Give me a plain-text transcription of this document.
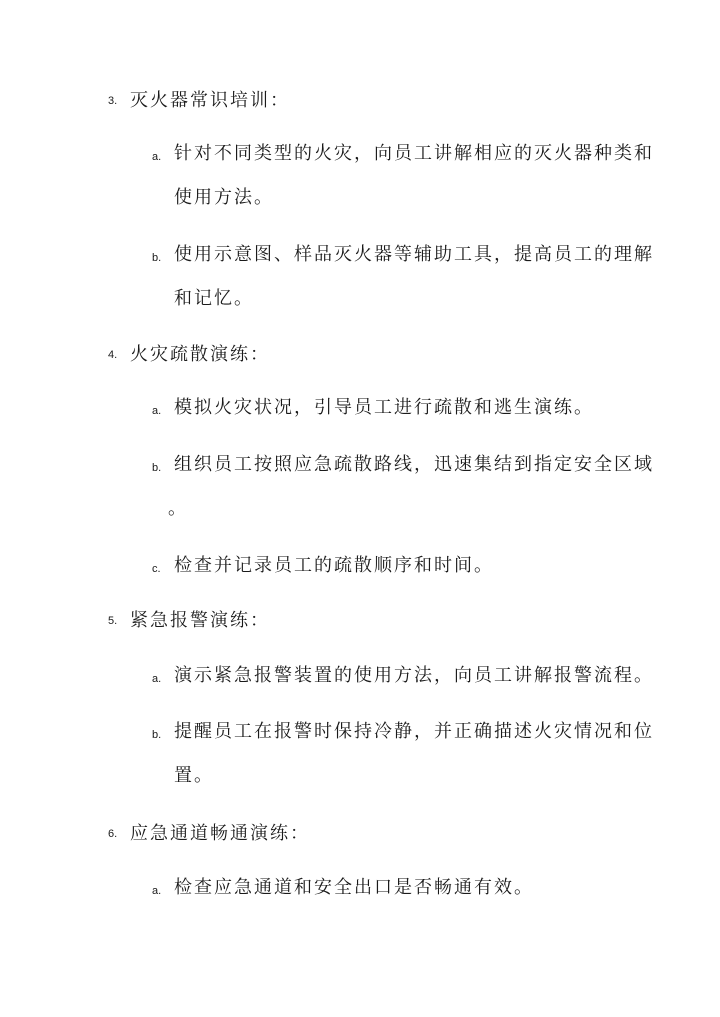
3. 灭火器常识培训：
a. 针对不同类型的火灾，向员工讲解相应的灭火器种类和
使用方法。
b. 使用示意图、样品灭火器等辅助工具，提高员工的理解
和记忆。
4. 火灾疏散演练：
a. 模拟火灾状况，引导员工进行疏散和逃生演练。
b. 组织员工按照应急疏散路线，迅速集结到指定安全区域
。
c. 检查并记录员工的疏散顺序和时间。
5. 紧急报警演练：
a. 演示紧急报警装置的使用方法，向员工讲解报警流程。
b. 提醒员工在报警时保持冷静，并正确描述火灾情况和位
置。
6. 应急通道畅通演练：
a. 检查应急通道和安全出口是否畅通有效。
